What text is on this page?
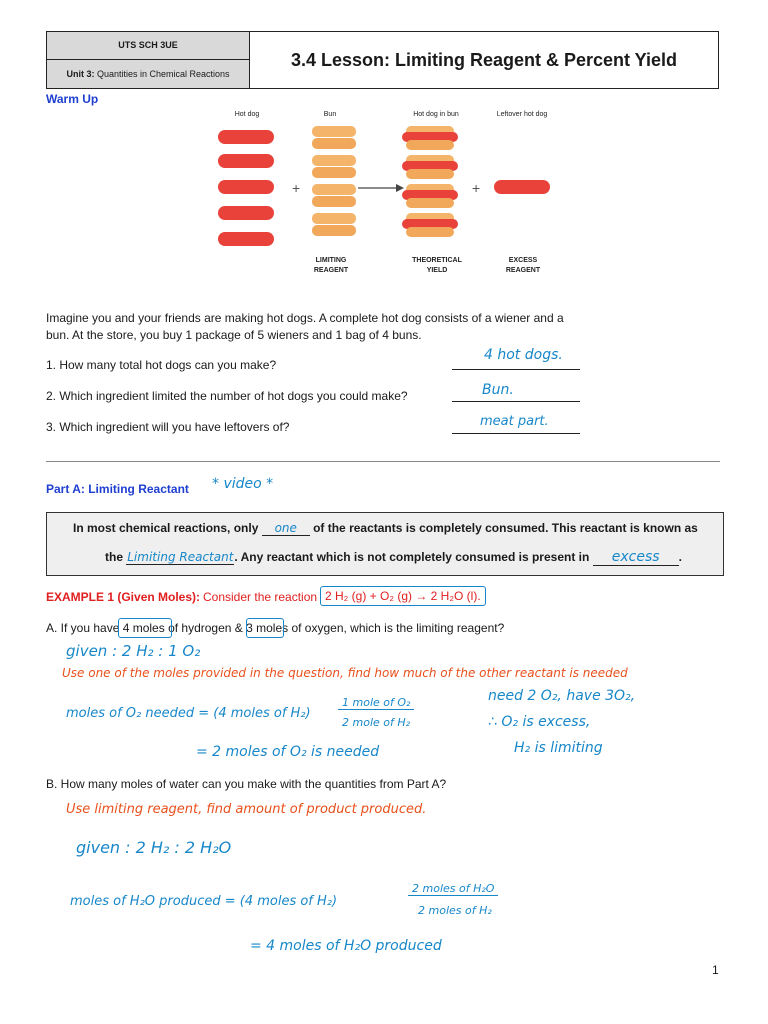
UTS SCH 3UE
Unit 3: Quantities in Chemical Reactions
3.4 Lesson: Limiting Reagent & Percent Yield
Warm Up
Hot dog	Bun	Hot dog in bun	Leftover hot dog
+	+
LIMITING
REAGENT
THEORETICAL
YIELD
EXCESS
REAGENT
Imagine you and your friends are making hot dogs. A complete hot dog consists of a wiener and a bun. At the store, you buy 1 package of 5 wieners and 1 bag of 4 buns.
1. How many total hot dogs can you make?
4 hot dogs.
2. Which ingredient limited the number of hot dogs you could make?	Bun.
3. Which ingredient will you have leftovers of?	meat part.
Part A: Limiting Reactant * video *
In most chemical reactions, only one of the reactants is completely consumed. This reactant is known as
the Limiting Reactant. Any reactant which is not completely consumed is present in excess .
EXAMPLE 1 (Given Moles): Consider the reaction 2 H₂ (g) + O₂ (g) → 2 H₂O (l).
A. If you have 4 moles of hydrogen & 3 moles of oxygen, which is the limiting reagent?
given : 2 H₂ : 1 O₂
Use one of the moles provided in the question, find how much of the other reactant is needed
moles of O₂ needed = (4 moles of H₂)
1 mole of O₂
2 mole of H₂
= 2 moles of O₂ is needed
need 2 O₂, have 3O₂,
∴ O₂ is excess,
H₂ is limiting
B. How many moles of water can you make with the quantities from Part A?
Use limiting reagent, find amount of product produced.
given : 2 H₂ : 2 H₂O
moles of H₂O produced = (4 moles of H₂)
2 moles of H₂O
2 moles of H₂
= 4 moles of H₂O produced
1
